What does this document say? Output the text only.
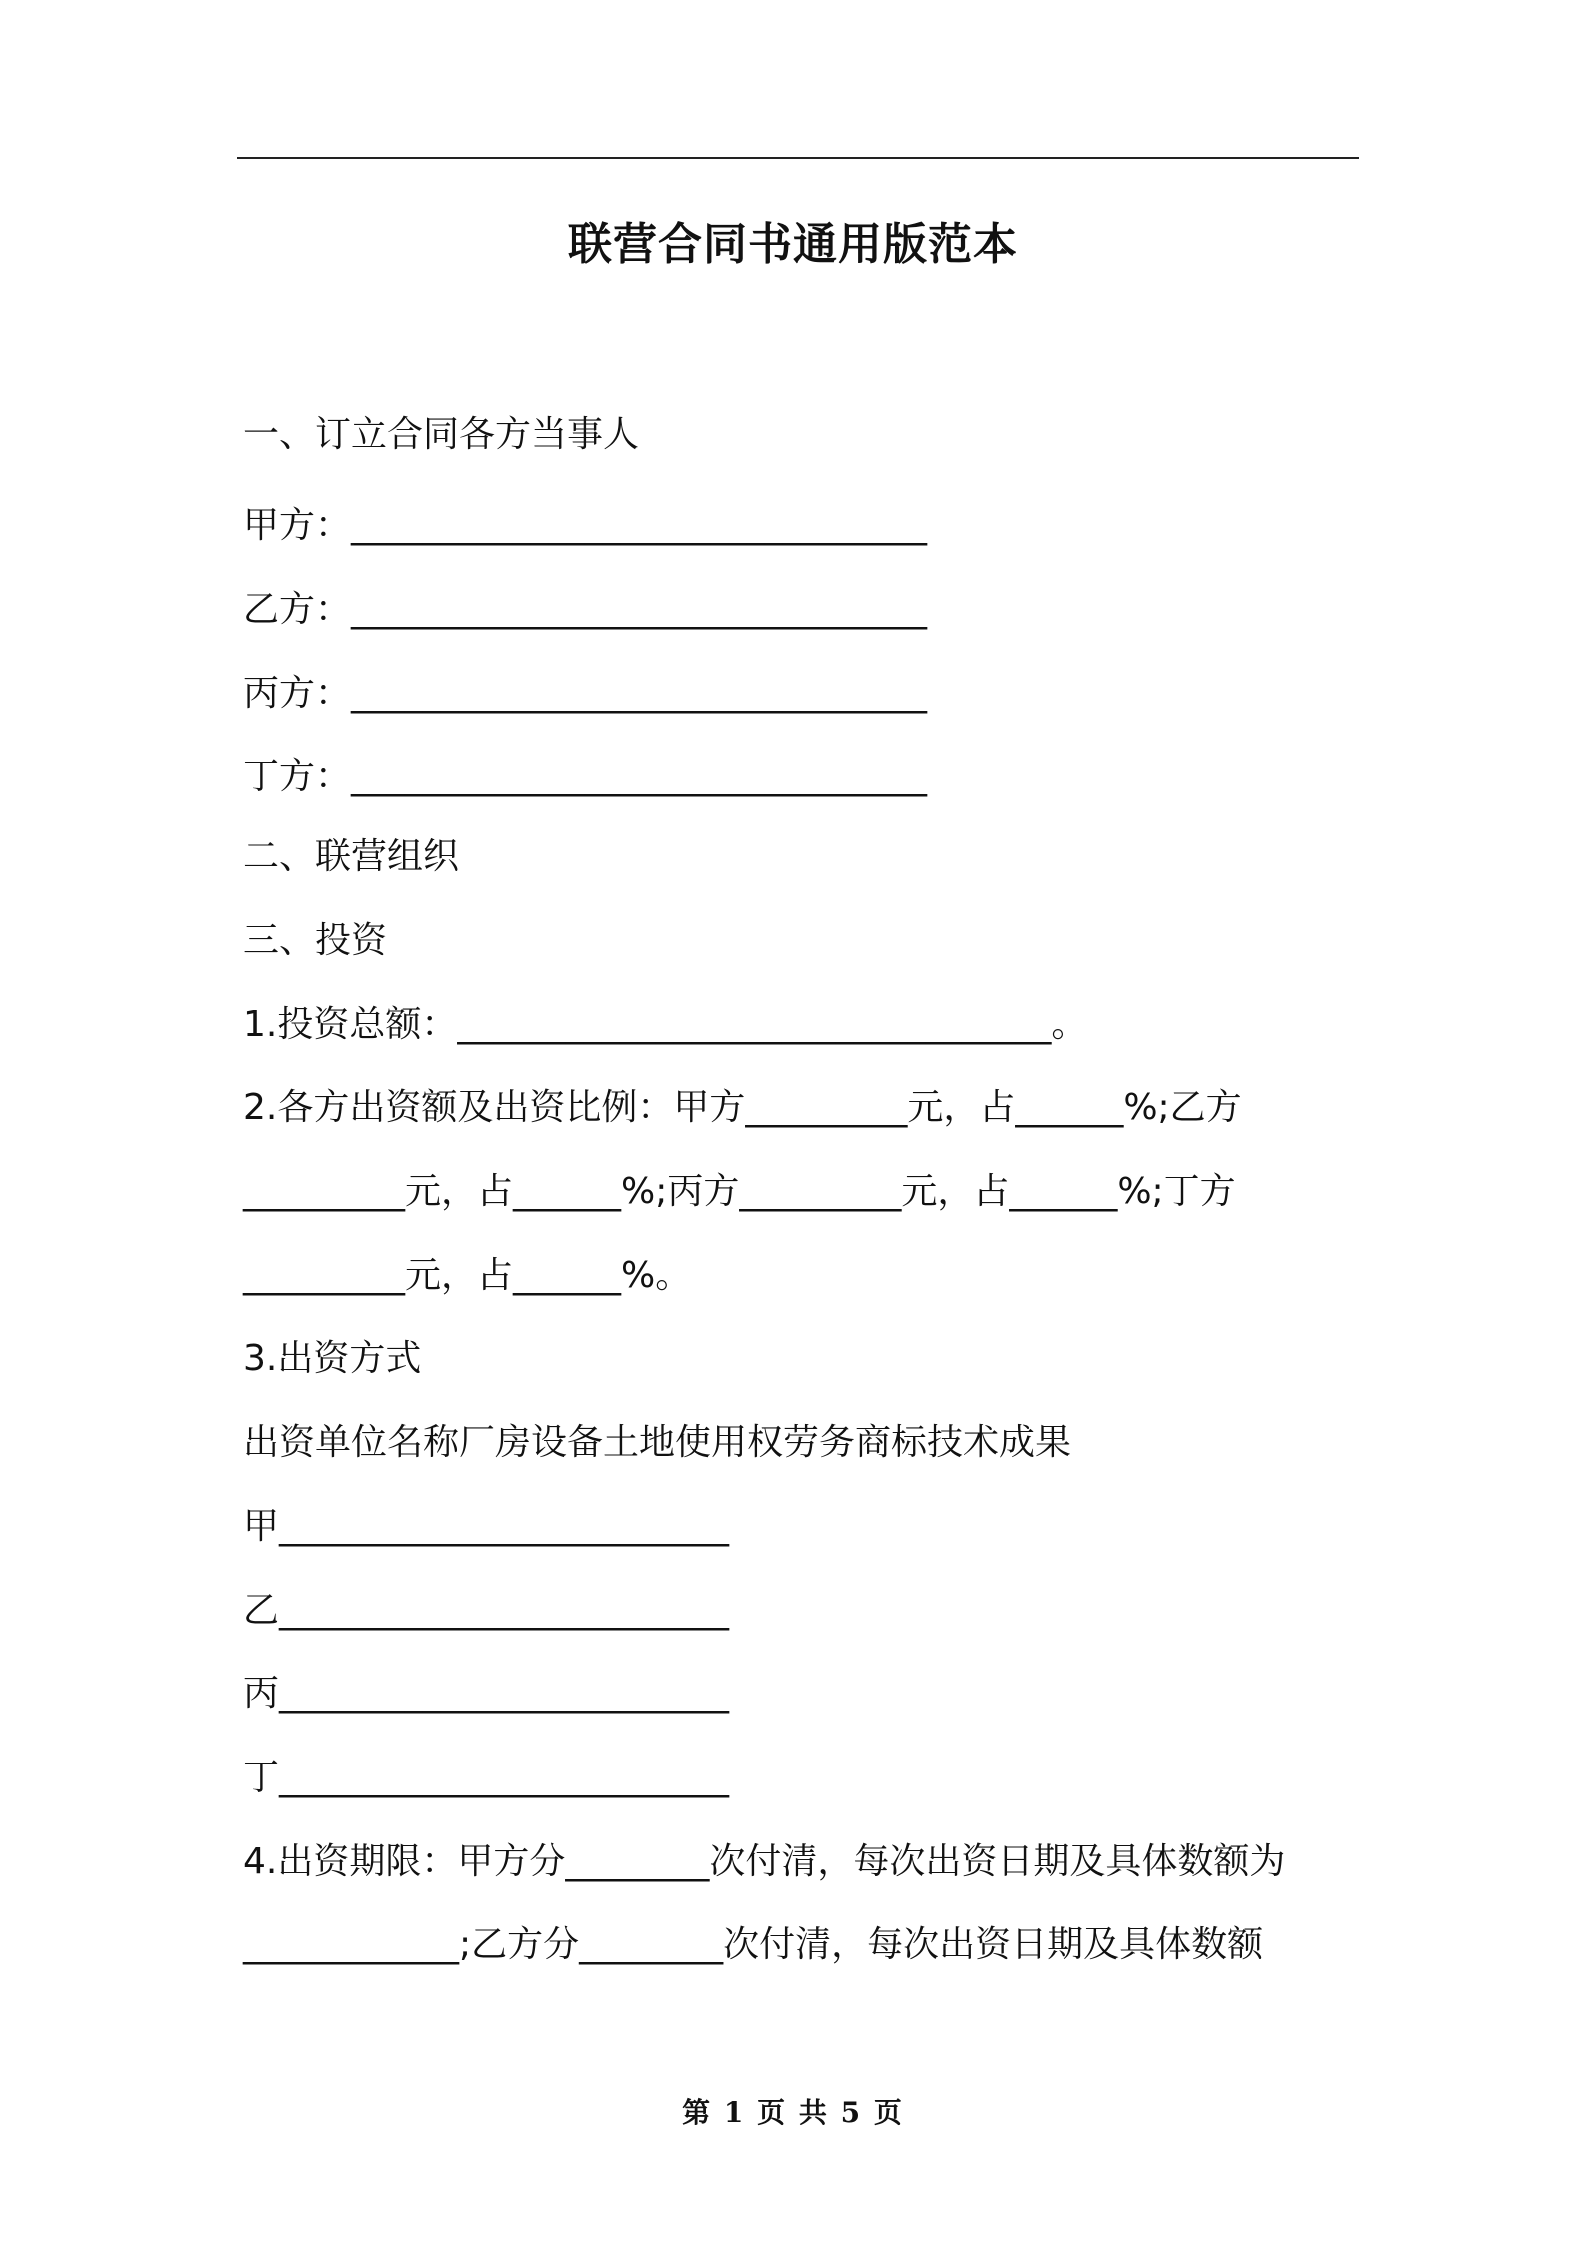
联营合同书通用版范本
一、订立合同各方当事人
甲方：________________________________
乙方：________________________________
丙方：________________________________
丁方：________________________________
二、联营组织
三、投资
1.投资总额：_________________________________。
2.各方出资额及出资比例：甲方_________元，占______%;乙方
_________元，占______%;丙方_________元，占______%;丁方
_________元，占______%。
3.出资方式
出资单位名称厂房设备土地使用权劳务商标技术成果
甲_________________________
乙_________________________
丙_________________________
丁_________________________
4.出资期限：甲方分________次付清，每次出资日期及具体数额为
____________;乙方分________次付清，每次出资日期及具体数额
第 1 页 共 5 页
